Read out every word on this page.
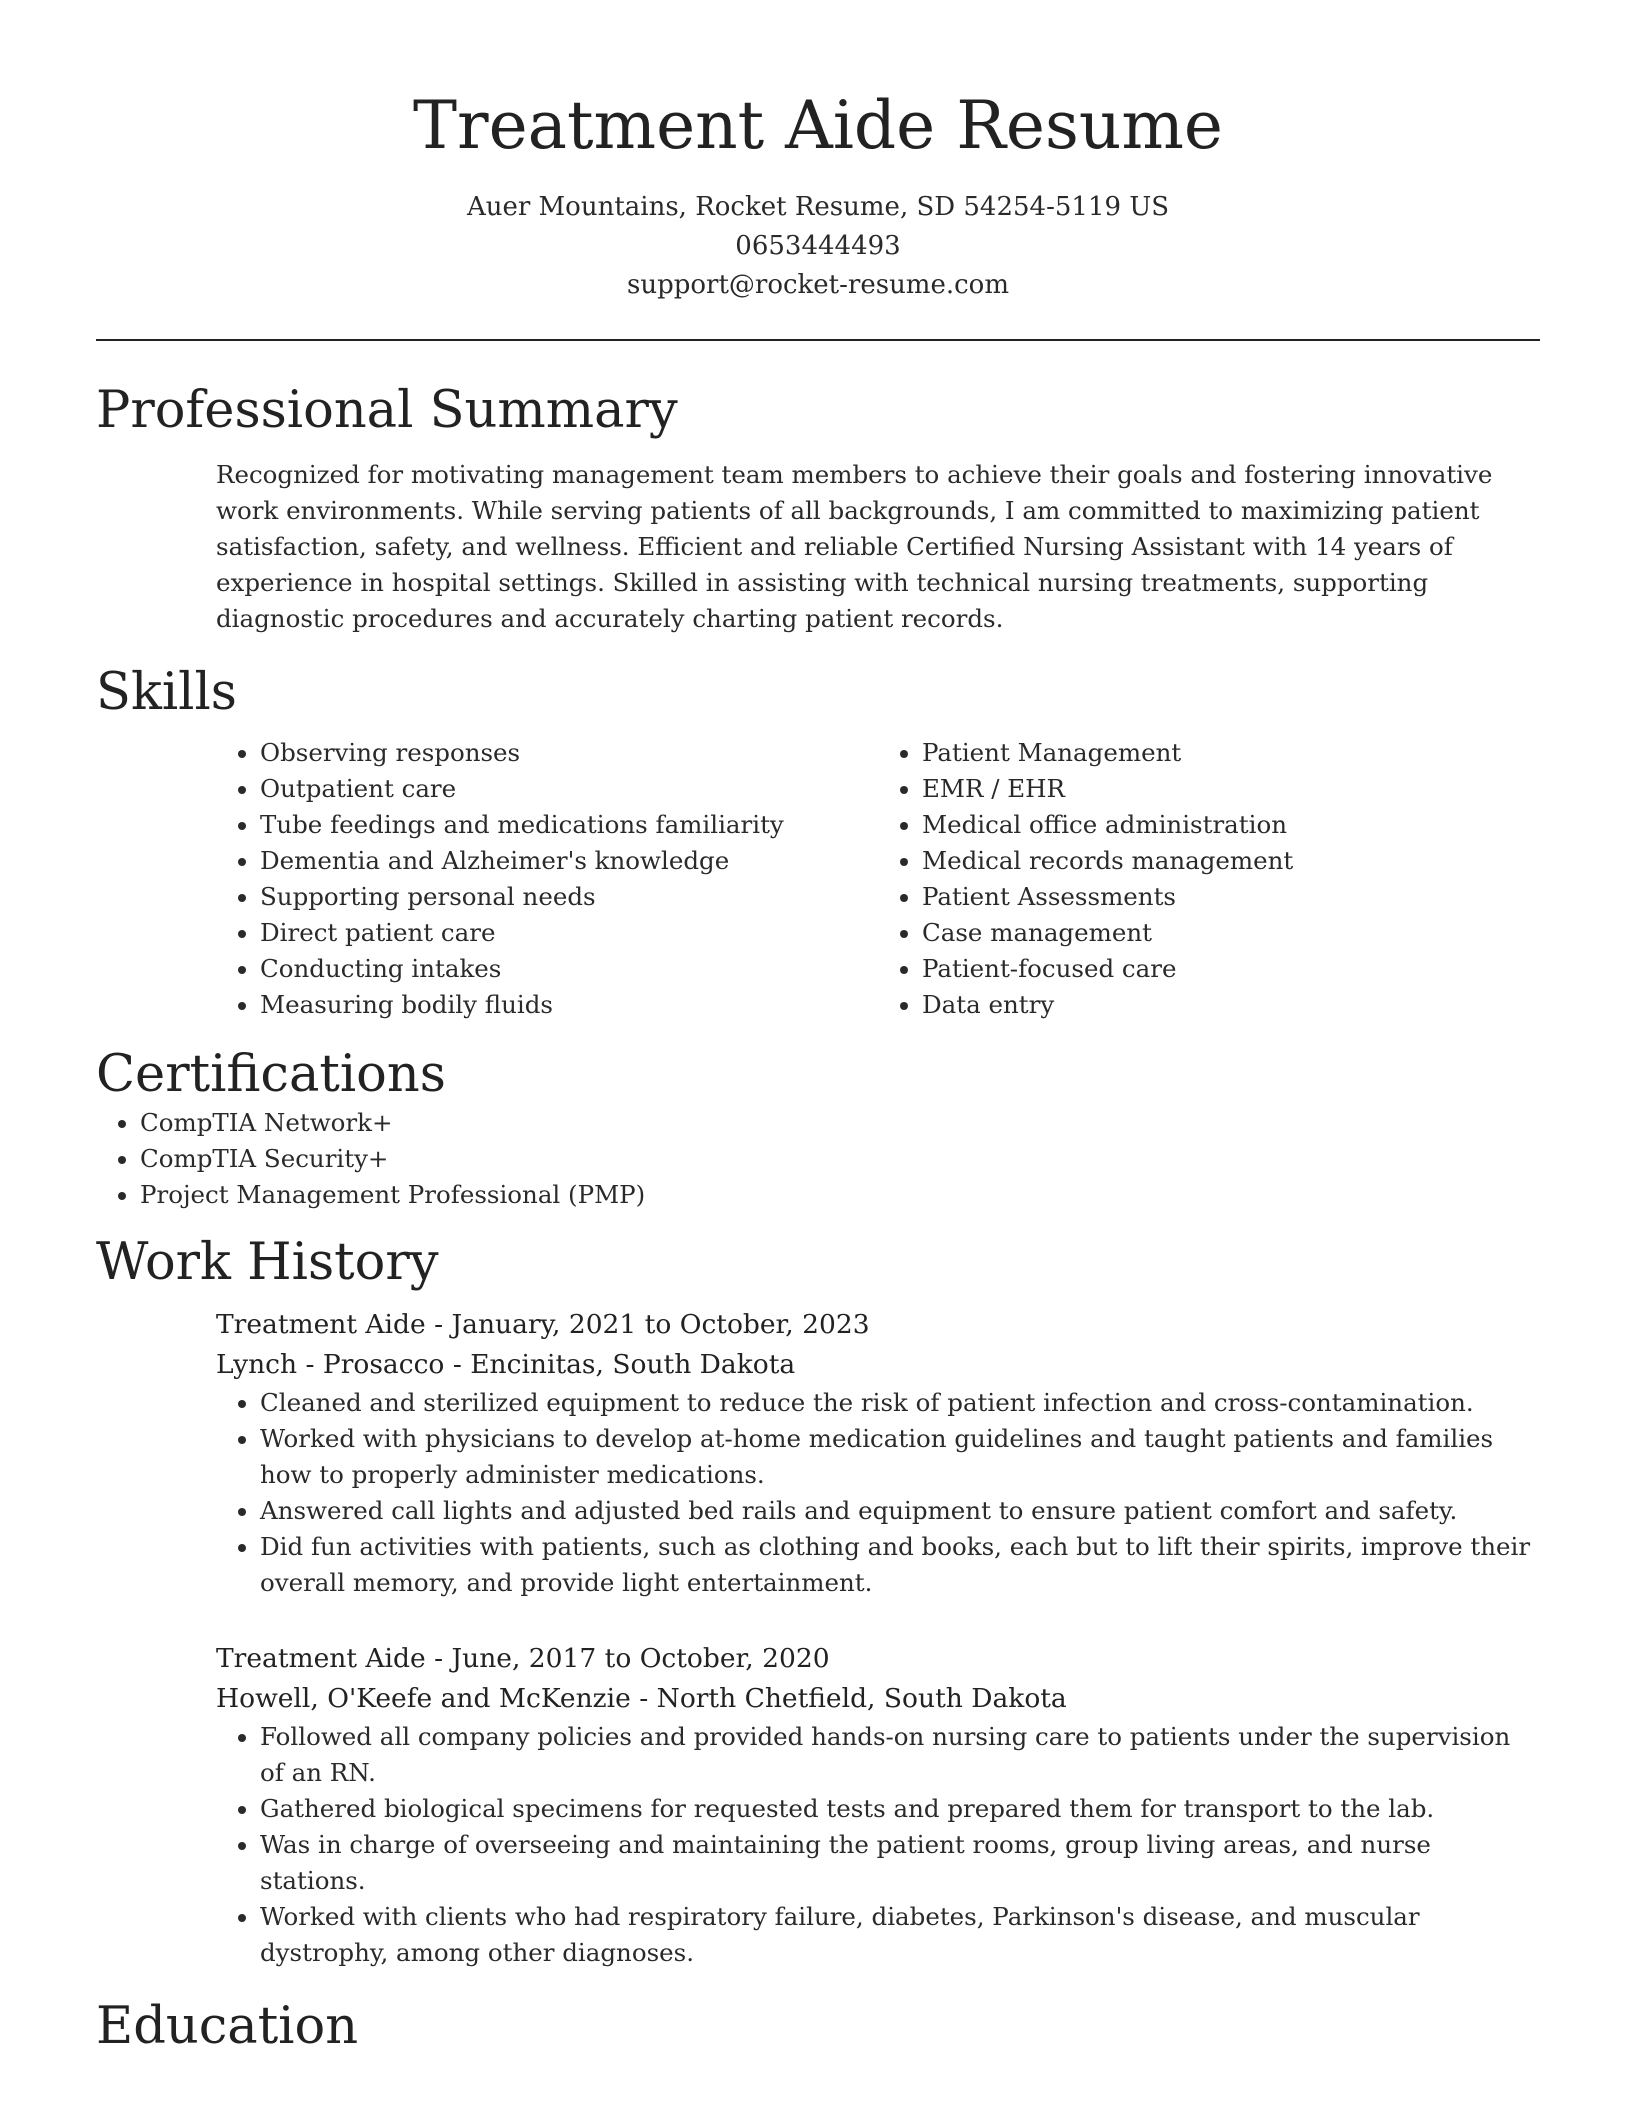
Treatment Aide Resume
Auer Mountains, Rocket Resume, SD 54254-5119 US
0653444493
support@rocket-resume.com
Professional Summary
Recognized for motivating management team members to achieve their goals and fostering innovative work environments. While serving patients of all backgrounds, I am committed to maximizing patient satisfaction, safety, and wellness. Efficient and reliable Certified Nursing Assistant with 14 years of experience in hospital settings. Skilled in assisting with technical nursing treatments, supporting diagnostic procedures and accurately charting patient records.
Skills
• Observing responses
• Outpatient care
• Tube feedings and medications familiarity
• Dementia and Alzheimer's knowledge
• Supporting personal needs
• Direct patient care
• Conducting intakes
• Measuring bodily fluids
• Patient Management
• EMR / EHR
• Medical office administration
• Medical records management
• Patient Assessments
• Case management
• Patient-focused care
• Data entry
Certifications
• CompTIA Network+
• CompTIA Security+
• Project Management Professional (PMP)
Work History
Treatment Aide - January, 2021 to October, 2023
Lynch - Prosacco - Encinitas, South Dakota
• Cleaned and sterilized equipment to reduce the risk of patient infection and cross-contamination.
• Worked with physicians to develop at-home medication guidelines and taught patients and families how to properly administer medications.
• Answered call lights and adjusted bed rails and equipment to ensure patient comfort and safety.
• Did fun activities with patients, such as clothing and books, each but to lift their spirits, improve their overall memory, and provide light entertainment.
Treatment Aide - June, 2017 to October, 2020
Howell, O'Keefe and McKenzie - North Chetfield, South Dakota
• Followed all company policies and provided hands-on nursing care to patients under the supervision of an RN.
• Gathered biological specimens for requested tests and prepared them for transport to the lab.
• Was in charge of overseeing and maintaining the patient rooms, group living areas, and nurse stations.
• Worked with clients who had respiratory failure, diabetes, Parkinson's disease, and muscular dystrophy, among other diagnoses.
Education
